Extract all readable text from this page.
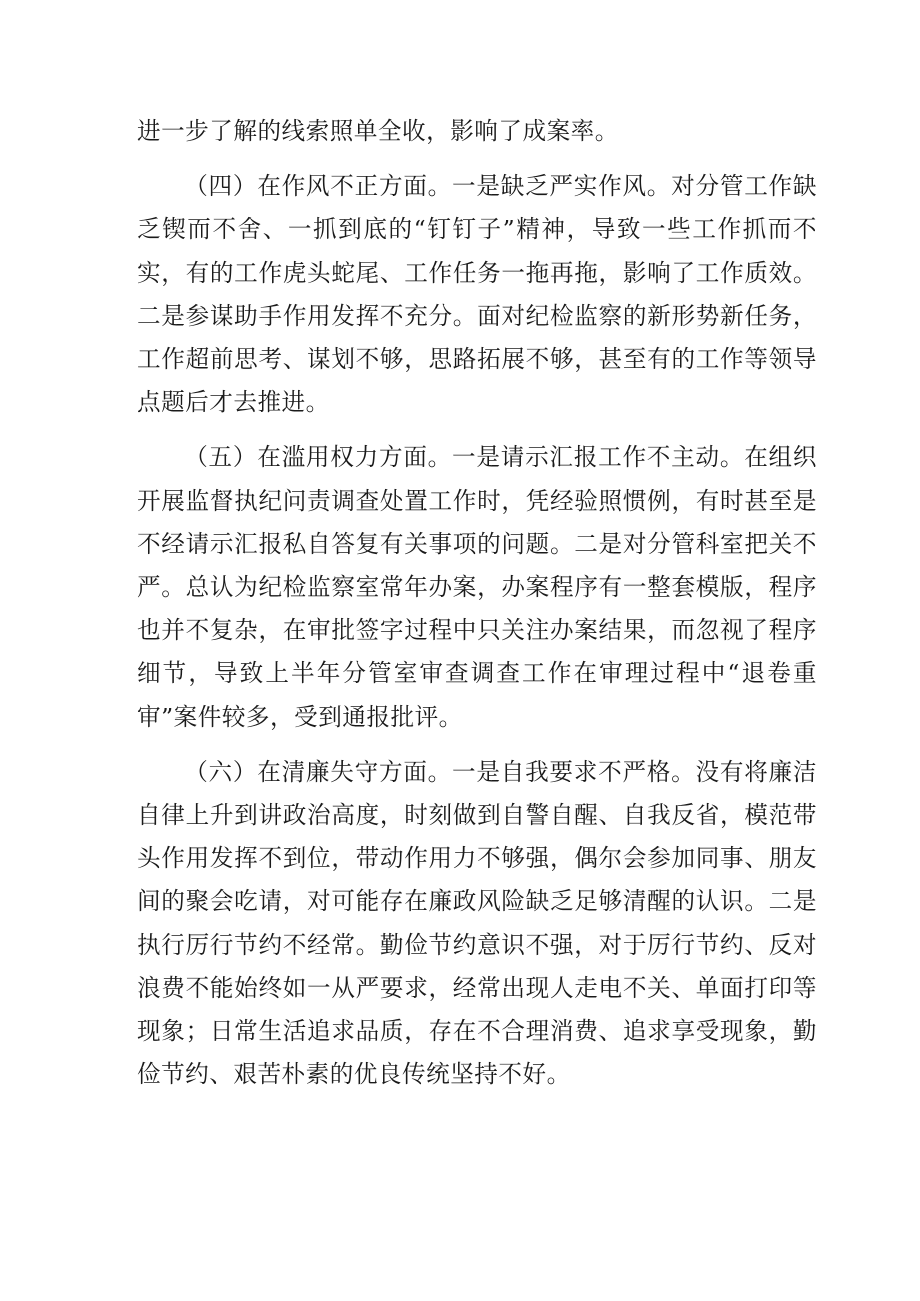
进一步了解的线索照单全收，影响了成案率。

（四）在作风不正方面。一是缺乏严实作风。对分管工作缺乏锲而不舍、一抓到底的“钉钉子”精神，导致一些工作抓而不实，有的工作虎头蛇尾、工作任务一拖再拖，影响了工作质效。二是参谋助手作用发挥不充分。面对纪检监察的新形势新任务，工作超前思考、谋划不够，思路拓展不够，甚至有的工作等领导点题后才去推进。

（五）在滥用权力方面。一是请示汇报工作不主动。在组织开展监督执纪问责调查处置工作时，凭经验照惯例，有时甚至是不经请示汇报私自答复有关事项的问题。二是对分管科室把关不严。总认为纪检监察室常年办案，办案程序有一整套模版，程序也并不复杂，在审批签字过程中只关注办案结果，而忽视了程序细节，导致上半年分管室审查调查工作在审理过程中“退卷重审”案件较多，受到通报批评。

（六）在清廉失守方面。一是自我要求不严格。没有将廉洁自律上升到讲政治高度，时刻做到自警自醒、自我反省，模范带头作用发挥不到位，带动作用力不够强，偶尔会参加同事、朋友间的聚会吃请，对可能存在廉政风险缺乏足够清醒的认识。二是执行厉行节约不经常。勤俭节约意识不强，对于厉行节约、反对浪费不能始终如一从严要求，经常出现人走电不关、单面打印等现象；日常生活追求品质，存在不合理消费、追求享受现象，勤俭节约、艰苦朴素的优良传统坚持不好。
